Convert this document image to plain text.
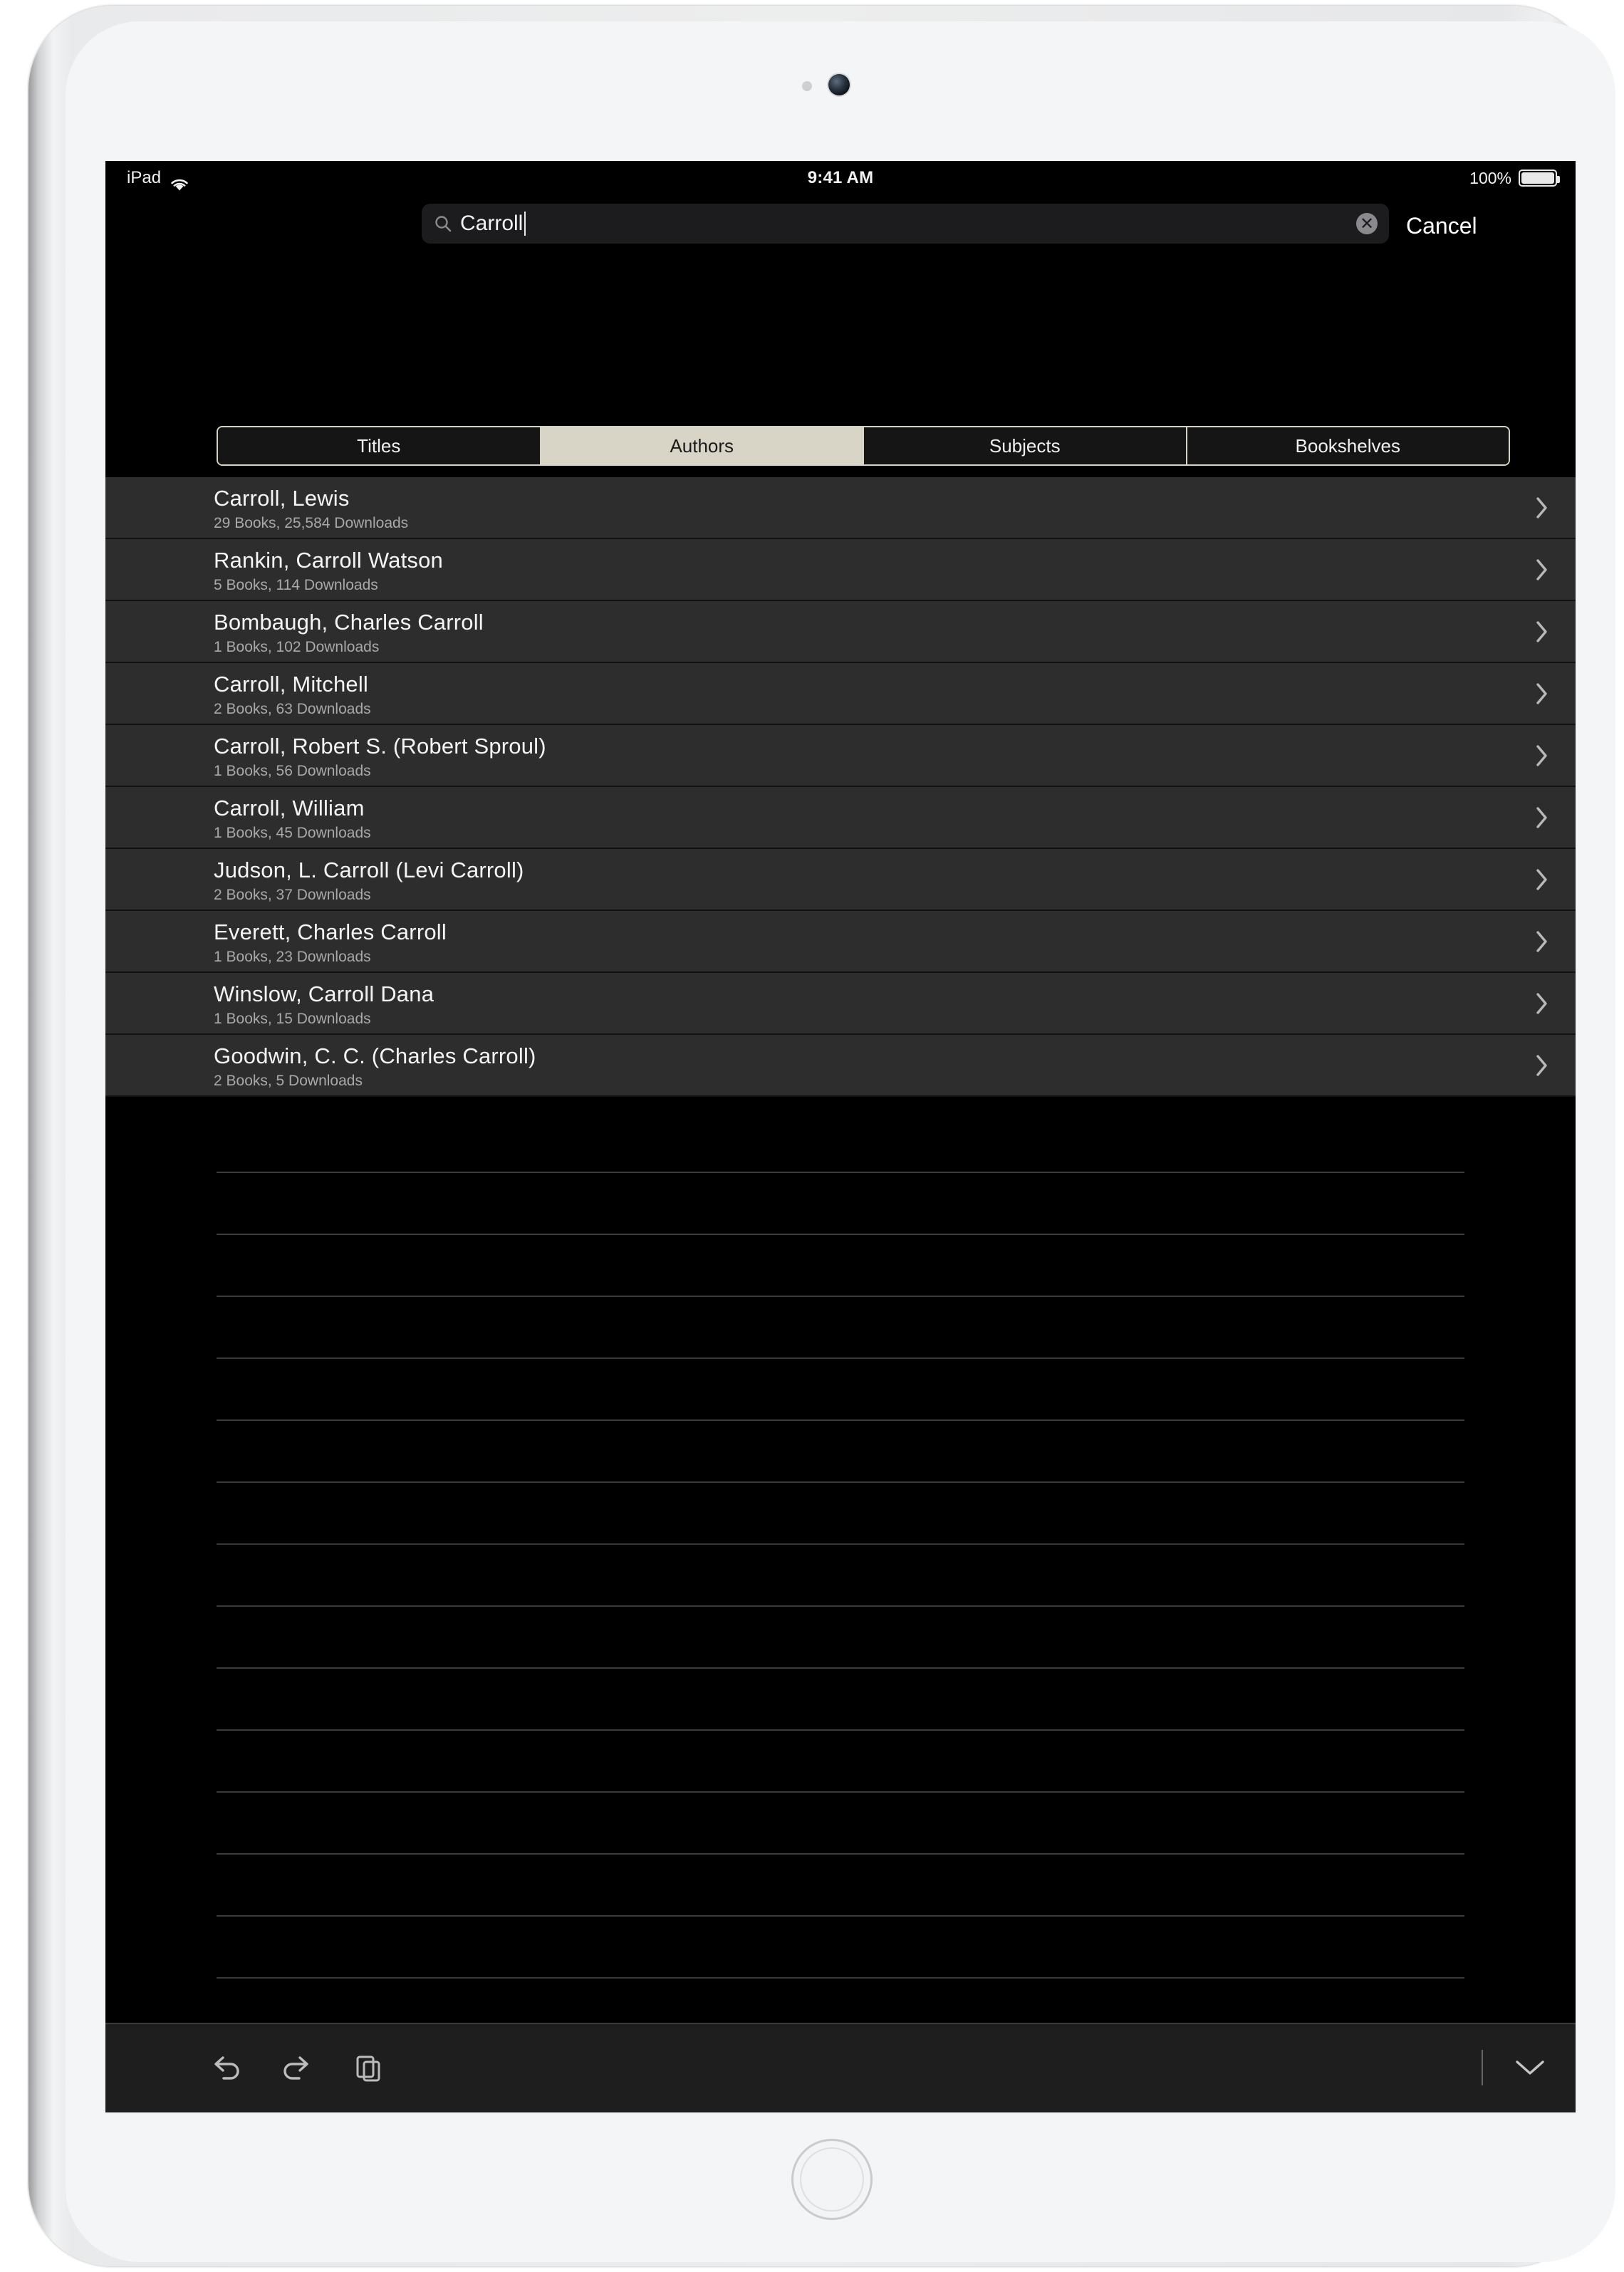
iPad	9:41 AM	100%
Carroll	✕ Cancel
Titles	Authors	Subjects	Bookshelves
Carroll, Lewis
29 Books, 25,584 Downloads
Rankin, Carroll Watson
5 Books, 114 Downloads
Bombaugh, Charles Carroll
1 Books, 102 Downloads
Carroll, Mitchell
2 Books, 63 Downloads
Carroll, Robert S. (Robert Sproul)
1 Books, 56 Downloads
Carroll, William
1 Books, 45 Downloads
Judson, L. Carroll (Levi Carroll)
2 Books, 37 Downloads
Everett, Charles Carroll
1 Books, 23 Downloads
Winslow, Carroll Dana
1 Books, 15 Downloads
Goodwin, C. C. (Charles Carroll)
2 Books, 5 Downloads
